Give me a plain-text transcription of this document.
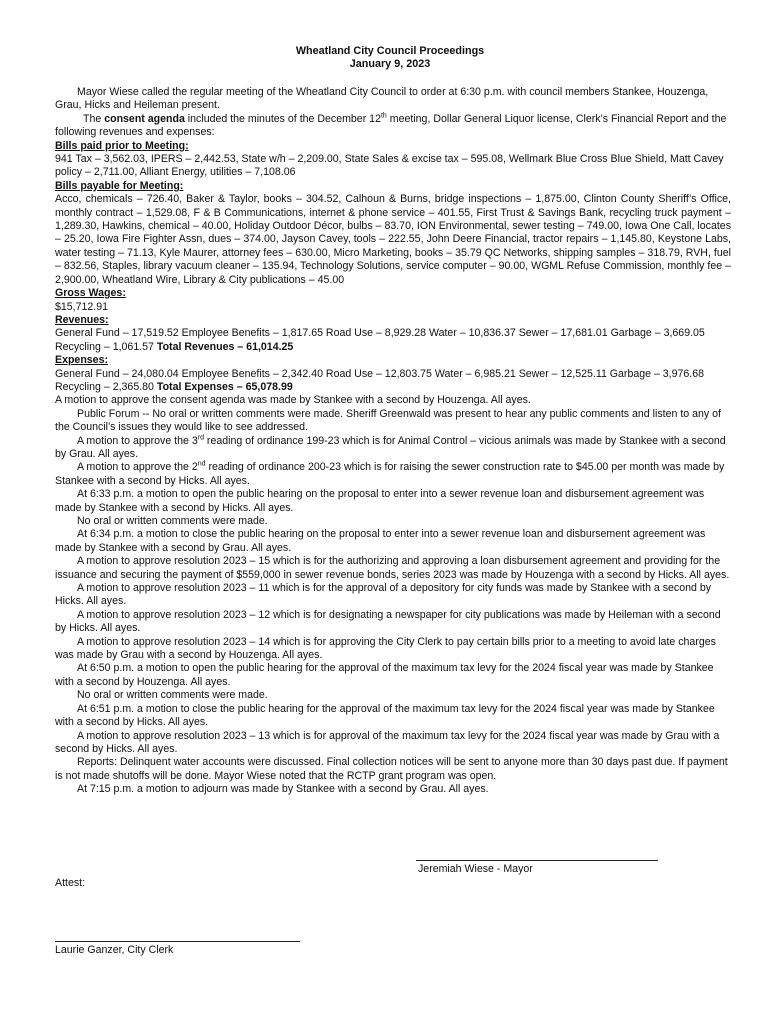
Wheatland City Council Proceedings
January 9, 2023

Mayor Wiese called the regular meeting of the Wheatland City Council to order at 6:30 p.m. with council members Stankee, Houzenga, Grau, Hicks and Heileman present.

The consent agenda included the minutes of the December 12th meeting, Dollar General Liquor license, Clerk’s Financial Report and the following revenues and expenses:

Bills paid prior to Meeting:

941 Tax – 3,562.03, IPERS – 2,442.53, State w/h – 2,209.00, State Sales & excise tax – 595.08, Wellmark Blue Cross Blue Shield, Matt Cavey policy – 2,711.00, Alliant Energy, utilities – 7,108.06

Bills payable for Meeting:

Acco, chemicals – 726.40, Baker & Taylor, books – 304.52, Calhoun & Burns, bridge inspections – 1,875.00, Clinton County Sheriff’s Office, monthly contract – 1,529.08, F & B Communications, internet & phone service – 401.55, First Trust & Savings Bank, recycling truck payment – 1,289.30, Hawkins, chemical – 40.00, Holiday Outdoor Décor, bulbs – 83.70, ION Environmental, sewer testing – 749.00, Iowa One Call, locates – 25.20, Iowa Fire Fighter Assn, dues – 374.00, Jayson Cavey, tools – 222.55, John Deere Financial, tractor repairs – 1,145.80, Keystone Labs, water testing – 71.13, Kyle Maurer, attorney fees – 630.00, Micro Marketing, books – 35.79 QC Networks, shipping samples – 318.79, RVH, fuel – 832.56, Staples, library vacuum cleaner – 135.94, Technology Solutions, service computer – 90.00, WGML Refuse Commission, monthly fee – 2,900.00, Wheatland Wire, Library & City publications – 45.00

Gross Wages:

$15,712.91

Revenues:

General Fund – 17,519.52 Employee Benefits – 1,817.65 Road Use – 8,929.28 Water – 10,836.37 Sewer – 17,681.01 Garbage – 3,669.05 Recycling – 1,061.57 Total Revenues – 61,014.25

Expenses:

General Fund – 24,080.04 Employee Benefits – 2,342.40 Road Use – 12,803.75 Water – 6,985.21 Sewer – 12,525.11 Garbage – 3,976.68 Recycling – 2,365.80 Total Expenses – 65,078.99

A motion to approve the consent agenda was made by Stankee with a second by Houzenga. All ayes.

Public Forum -- No oral or written comments were made. Sheriff Greenwald was present to hear any public comments and listen to any of the Council’s issues they would like to see addressed.

A motion to approve the 3rd reading of ordinance 199-23 which is for Animal Control – vicious animals was made by Stankee with a second by Grau. All ayes.

A motion to approve the 2nd reading of ordinance 200-23 which is for raising the sewer construction rate to $45.00 per month was made by Stankee with a second by Hicks. All ayes.

At 6:33 p.m. a motion to open the public hearing on the proposal to enter into a sewer revenue loan and disbursement agreement was made by Stankee with a second by Hicks. All ayes.

No oral or written comments were made.

At 6:34 p.m. a motion to close the public hearing on the proposal to enter into a sewer revenue loan and disbursement agreement was made by Stankee with a second by Grau. All ayes.

A motion to approve resolution 2023 – 15 which is for the authorizing and approving a loan disbursement agreement and providing for the issuance and securing the payment of $559,000 in sewer revenue bonds, series 2023 was made by Houzenga with a second by Hicks. All ayes.

A motion to approve resolution 2023 – 11 which is for the approval of a depository for city funds was made by Stankee with a second by Hicks. All ayes.

A motion to approve resolution 2023 – 12 which is for designating a newspaper for city publications was made by Heileman with a second by Hicks. All ayes.

A motion to approve resolution 2023 – 14 which is for approving the City Clerk to pay certain bills prior to a meeting to avoid late charges was made by Grau with a second by Houzenga. All ayes.

At 6:50 p.m. a motion to open the public hearing for the approval of the maximum tax levy for the 2024 fiscal year was made by Stankee with a second by Houzenga. All ayes.

No oral or written comments were made.

At 6:51 p.m. a motion to close the public hearing for the approval of the maximum tax levy for the 2024 fiscal year was made by Stankee with a second by Hicks. All ayes.

A motion to approve resolution 2023 – 13 which is for approval of the maximum tax levy for the 2024 fiscal year was made by Grau with a second by Hicks. All ayes.

Reports: Delinquent water accounts were discussed. Final collection notices will be sent to anyone more than 30 days past due. If payment is not made shutoffs will be done. Mayor Wiese noted that the RCTP grant program was open.

At 7:15 p.m. a motion to adjourn was made by Stankee with a second by Grau. All ayes.

Jeremiah Wiese - Mayor
Attest:
Laurie Ganzer, City Clerk
